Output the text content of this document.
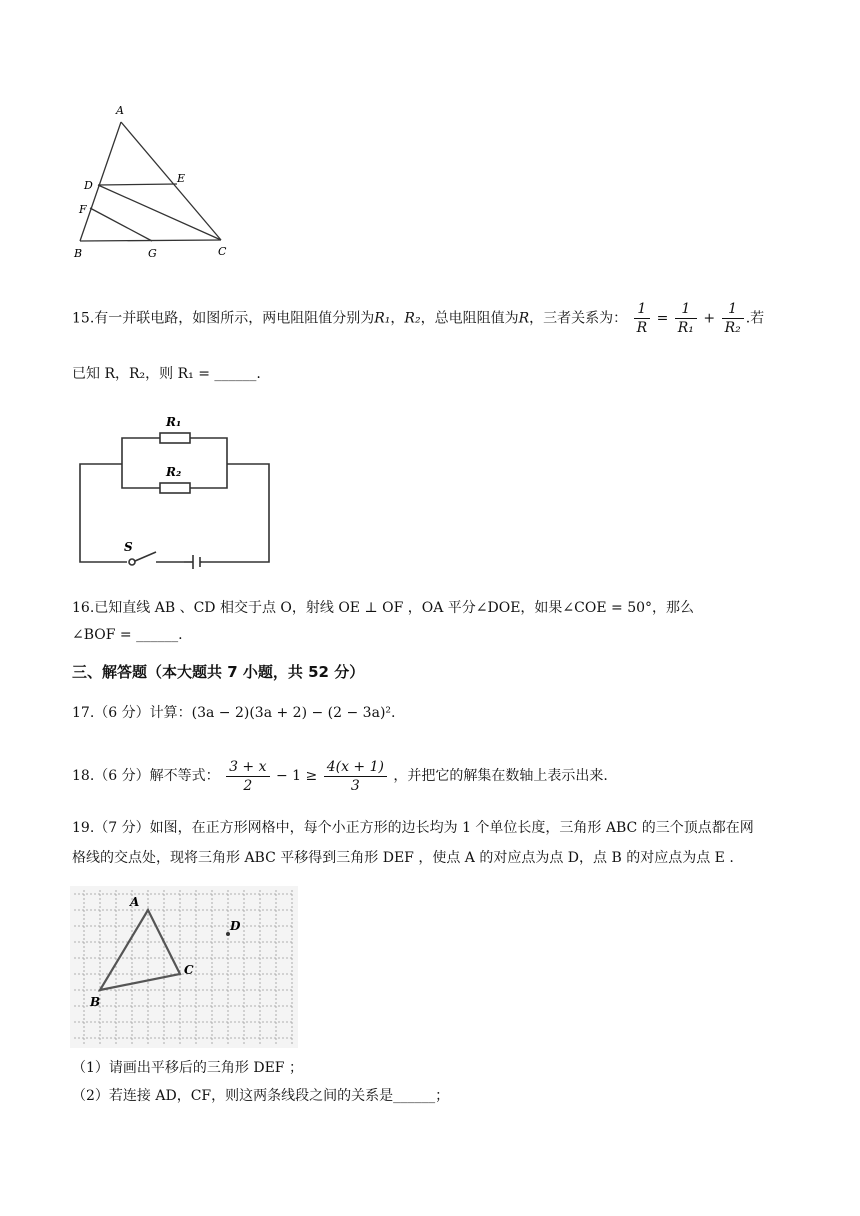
A
E
D
F
B	G	C
15.有一并联电路，如图所示，两电阻阻值分别为R₁，R₂，总电阻阻值为R，三者关系为： $\frac{1}{R} = \frac{1}{\text{R₁}} + \frac{1}{\text{R₂}}$ .若
已知 R，R₂，则 R₁ = ______.
R₁
R₂
S
16.已知直线 AB 、CD 相交于点 O，射线 OE ⊥ OF ，OA 平分∠DOE，如果∠COE = 50°，那么
∠BOF = ______.
三、解答题（本大题共 7 小题，共 52 分）
17.（6 分）计算：(3a − 2)(3a + 2) − (2 − 3a)².
18.（6 分）解不等式： $\frac{3 + x}{2} - 1 \ge \frac{4(x + 1)}{3}$ ，并把它的解集在数轴上表示出来.
19.（7 分）如图，在正方形网格中，每个小正方形的边长均为 1 个单位长度，三角形 ABC 的三个顶点都在网
格线的交点处，现将三角形 ABC 平移得到三角形 DEF ，使点 A 的对应点为点 D，点 B 的对应点为点 E .
A
B
C
D
（1）请画出平移后的三角形 DEF ；
（2）若连接 AD，CF，则这两条线段之间的关系是______；
